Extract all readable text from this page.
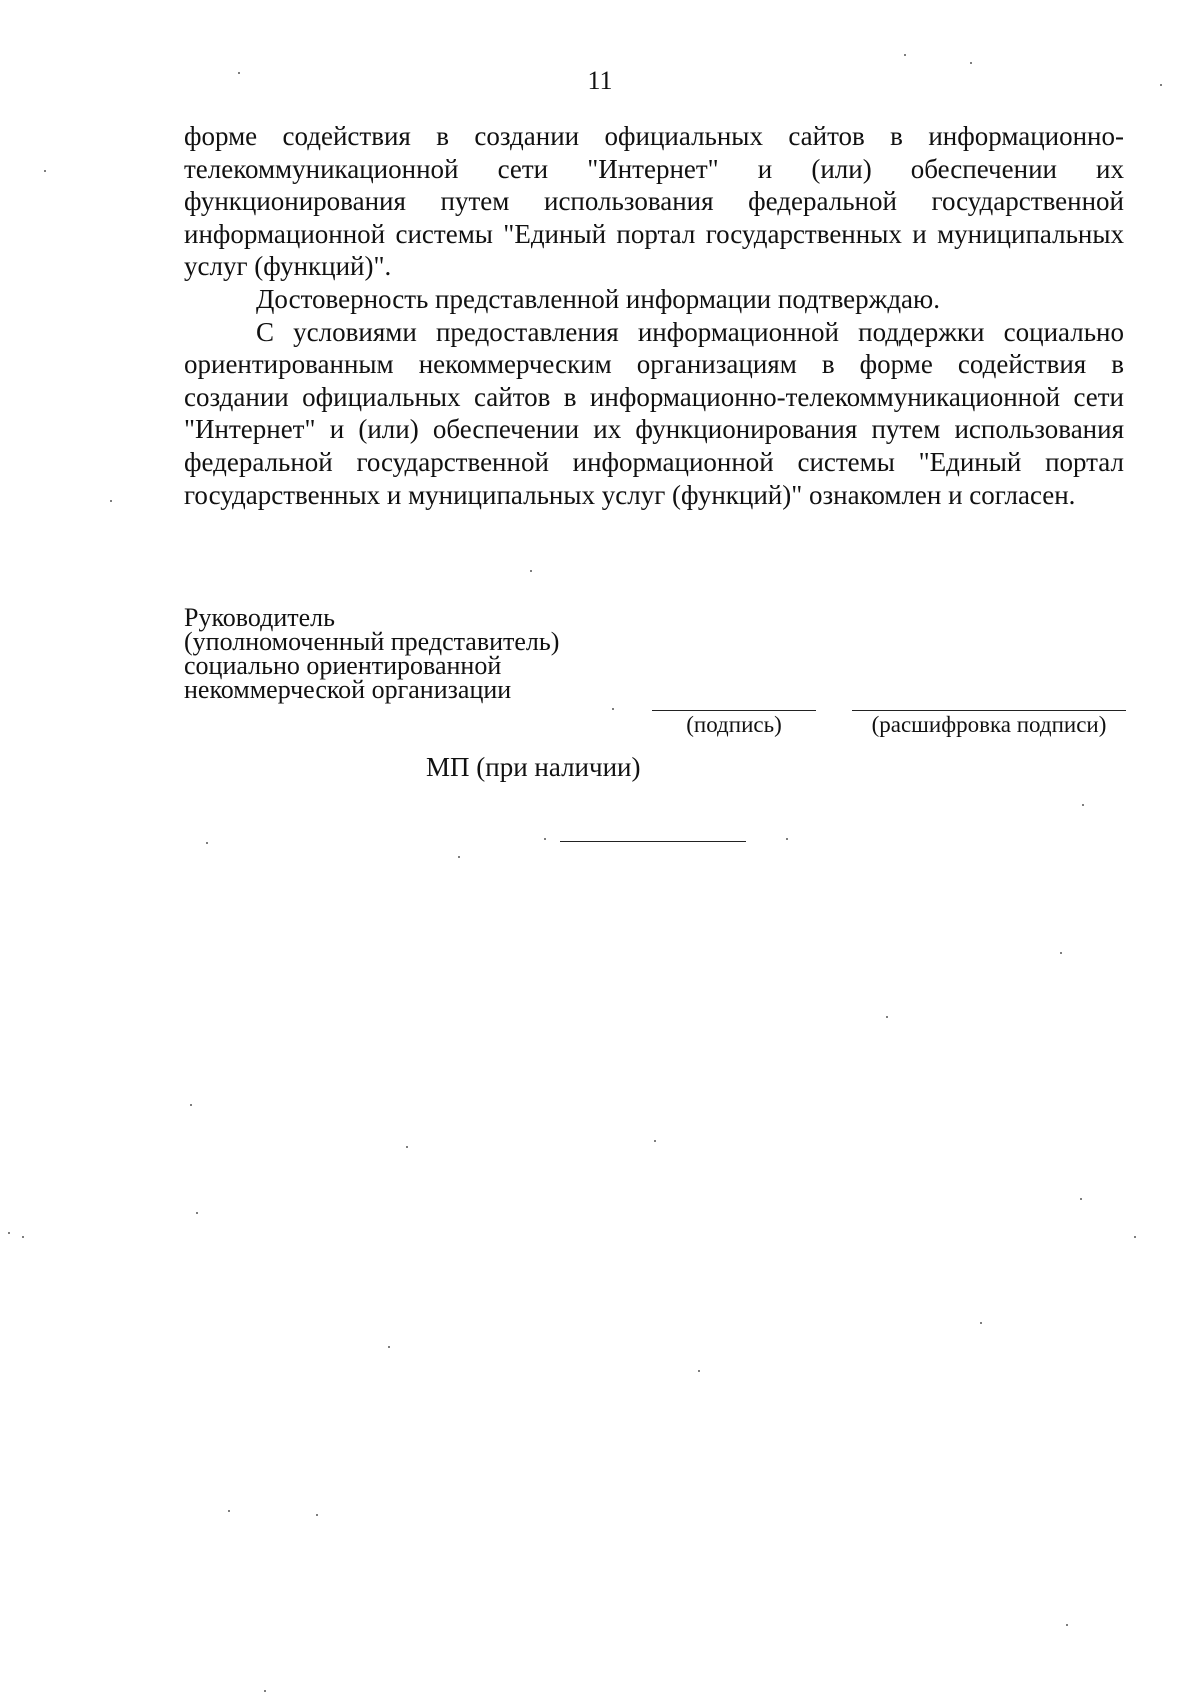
11

форме содействия в создании официальных сайтов в информационно-телекоммуникационной сети "Интернет" и (или) обеспечении их функционирования путем использования федеральной государственной информационной системы "Единый портал государственных и муниципальных услуг (функций)".

Достоверность представленной информации подтверждаю.

С условиями предоставления информационной поддержки социально ориентированным некоммерческим организациям в форме содействия в создании официальных сайтов в информационно-телекоммуникационной сети "Интернет" и (или) обеспечении их функционирования путем использования федеральной государственной информационной системы "Единый портал государственных и муниципальных услуг (функций)" ознакомлен и согласен.

Руководитель
(уполномоченный представитель)
социально ориентированной
некоммерческой организации
(подпись)	(расшифровка подписи)
МП (при наличии)
